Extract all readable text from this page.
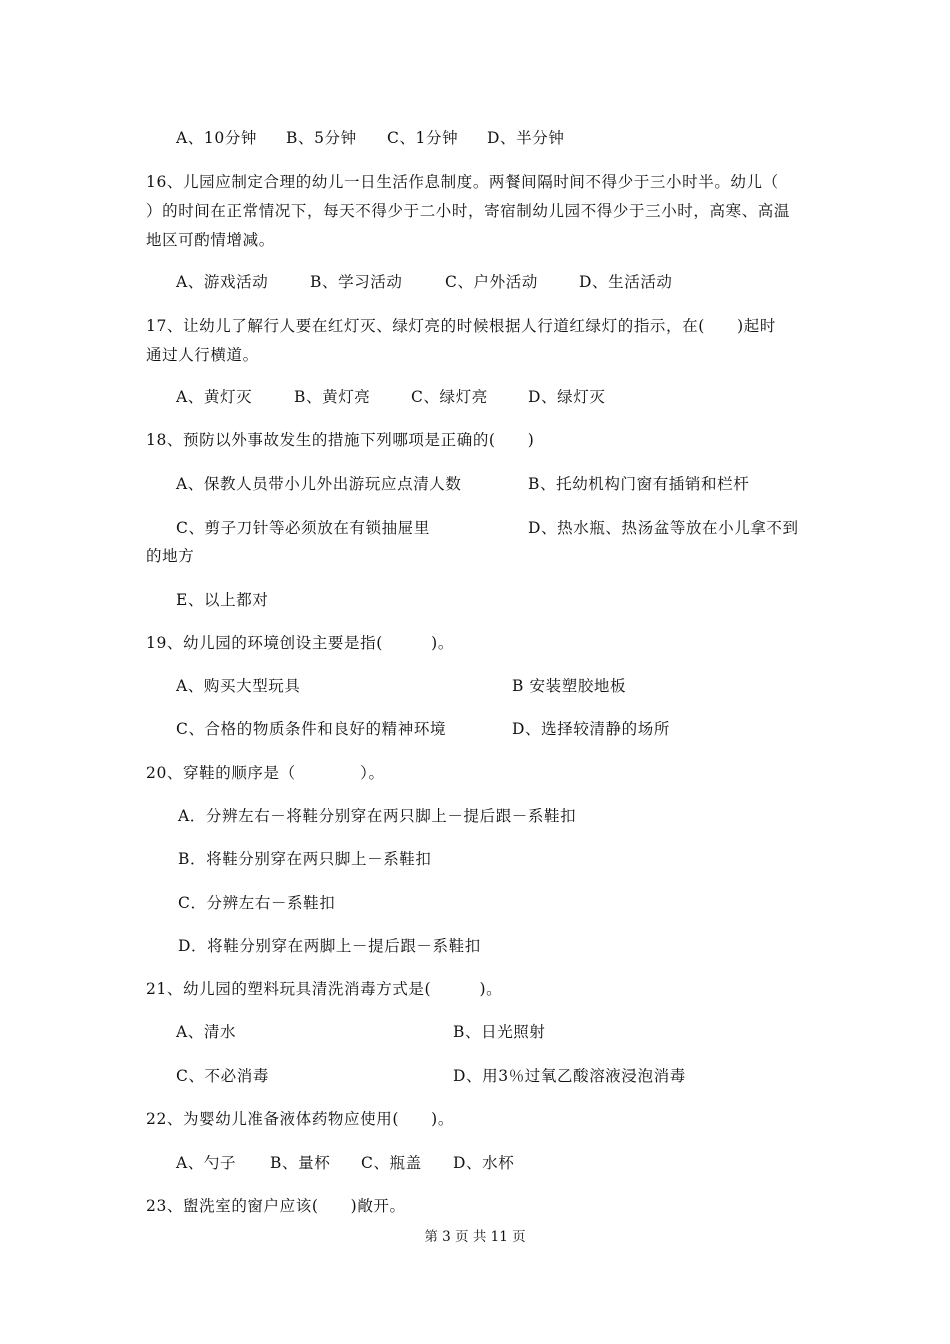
A、10分钟 B、5分钟 C、1分钟 D、半分钟
16、儿园应制定合理的幼儿一日生活作息制度。两餐间隔时间不得少于三小时半。幼儿（
）的时间在正常情况下，每天不得少于二小时，寄宿制幼儿园不得少于三小时，高寒、高温
地区可酌情增减。
A、游戏活动	B、学习活动	C、户外活动	D、生活活动
17、让幼儿了解行人要在红灯灭、绿灯亮的时候根据人行道红绿灯的指示，在(　　)起时
通过人行横道。
A、黄灯灭	B、黄灯亮	C、绿灯亮	D、绿灯灭
18、预防以外事故发生的措施下列哪项是正确的(　　)
A、保教人员带小儿外出游玩应点清人数	B、托幼机构门窗有插销和栏杆
C、剪子刀针等必须放在有锁抽屉里	D、热水瓶、热汤盆等放在小儿拿不到
的地方
E、以上都对
19、幼儿园的环境创设主要是指(　　　)。
A、购买大型玩具	B 安装塑胶地板
C、合格的物质条件和良好的精神环境	D、选择较清静的场所
20、穿鞋的顺序是（　　　　）。
A．分辨左右－将鞋分别穿在两只脚上－提后跟－系鞋扣
B．将鞋分别穿在两只脚上－系鞋扣
C．分辨左右－系鞋扣
D．将鞋分别穿在两脚上－提后跟－系鞋扣
21、幼儿园的塑料玩具清洗消毒方式是(　　　)。
A、清水	B、日光照射
C、不必消毒	D、用3％过氧乙酸溶液浸泡消毒
22、为婴幼儿准备液体药物应使用(　　)。
A、勺子 B、量杯 C、瓶盖 D、水杯
23、盥洗室的窗户应该(　　)敞开。
第 3 页 共 11 页
